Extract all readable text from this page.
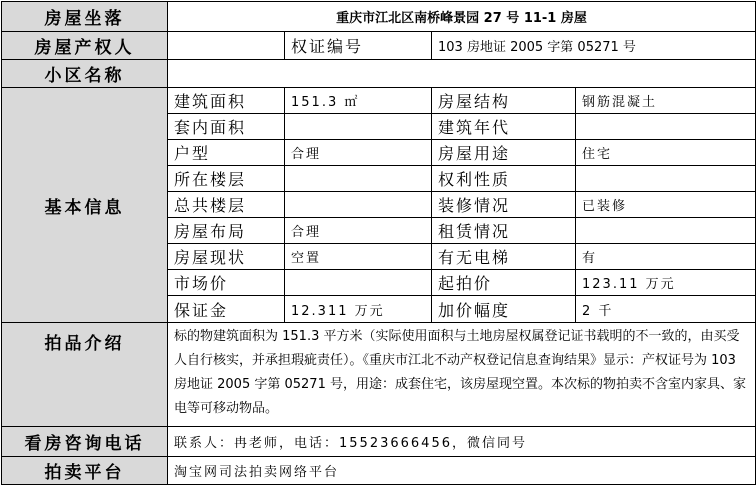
房屋坐落	重庆市江北区南桥峰景园 27 号 11-1 房屋			
房屋产权人		权证编号	103 房地证 2005 字第 05271 号	
小区名称				
基本信息	建筑面积	151.3 ㎡	房屋结构	钢筋混凝土
	套内面积		建筑年代	
	户型	合理	房屋用途	住宅
	所在楼层		权利性质	
	总共楼层		装修情况	已装修
	房屋布局	合理	租赁情况	
	房屋现状	空置	有无电梯	有
	市场价		起拍价	123.11 万元
	保证金	12.311 万元	加价幅度	2 千
拍品介绍	标的物建筑面积为 151.3 平方米（实际使用面积与土地房屋权属登记证书载明的不一致的，由买受人自行核实，并承担瑕疵责任）。《重庆市江北不动产权登记信息查询结果》显示：产权证号为 103 房地证 2005 字第 05271 号，用途：成套住宅，该房屋现空置。本次标的物拍卖不含室内家具、家电等可移动物品。			
看房咨询电话	联系人：冉老师，电话：15523666456，微信同号			
拍卖平台	淘宝网司法拍卖网络平台			
